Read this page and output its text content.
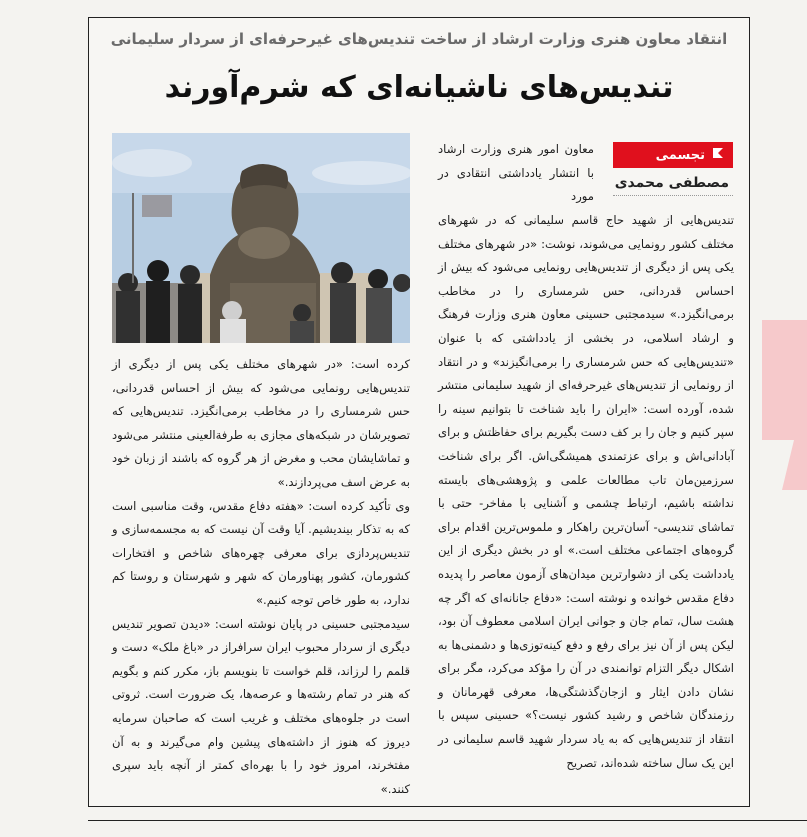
انتقاد معاون هنری وزارت ارشاد از ساخت تندیس‌های غیرحرفه‌ای از سردار سلیمانی
تندیس‌های ناشیانه‌ای که شرم‌آورند
تجسمی
مصطفی محمدی

معاون امور هنری وزارت ارشاد با انتشار یادداشتی انتقادی در مورد

تندیس‌هایی از شهید حاج قاسم سلیمانی که در شهرهای مختلف کشور رونمایی می‌شوند، نوشت: «در شهرهای مختلف یکی پس از دیگری از تندیس‌هایی رونمایی می‌شود که بیش از احساس قدردانی، حس شرمساری را در مخاطب برمی‌انگیزد.» سیدمجتبی حسینی معاون هنری وزارت فرهنگ و ارشاد اسلامی، در بخشی از یادداشتی که با عنوان «تندیس‌هایی که حس شرمساری را برمی‌انگیزند» و در انتقاد از رونمایی از تندیس‌های غیرحرفه‌ای از شهید سلیمانی منتشر شده، آورده است: «ایران را باید شناخت تا بتوانیم سینه را سپر کنیم و جان را بر کف دست بگیریم برای حفاظتش و برای آبادانی‌اش و برای عزتمندی همیشگی‌اش. اگر برای شناخت سرزمین‌مان تاب مطالعات علمی و پژوهشی‌های بایسته نداشته باشیم، ارتباط چشمی و آشنایی با مفاخر- حتی با تماشای تندیسی- آسان‌ترین راهکار و ملموس‌ترین اقدام برای گروه‌های اجتماعی مختلف است.» او در بخش دیگری از این یادداشت یکی از دشوارترین میدان‌های آزمون معاصر را پدیده دفاع مقدس خوانده و نوشته است: «دفاع جانانه‌ای که اگر چه هشت سال، تمام جان و جوانی ایران اسلامی معطوف آن بود، لیکن پس از آن نیز برای رفع و دفع کینه‌توزی‌ها و دشمنی‌ها به اشکال دیگر التزام توانمندی در آن را مؤکد می‌کرد، مگر برای نشان دادن ایثار و ازجان‌گذشتگی‌ها، معرفی قهرمانان و رزمندگان شاخص و رشید کشور نیست؟» حسینی سپس با انتقاد از تندیس‌هایی که به یاد سردار شهید قاسم سلیمانی در این یک سال ساخته شده‌اند، تصریح

کرده است: «در شهرهای مختلف یکی پس از دیگری از تندیس‌هایی رونمایی می‌شود که بیش از احساس قدردانی، حس شرمساری را در مخاطب برمی‌انگیزد. تندیس‌هایی که تصویرشان در شبکه‌های مجازی به طرفةالعینی منتشر می‌شود و تماشایشان محب و مغرض از هر گروه که باشند از زبان خود به عرض اسف می‌پردازند.»

وی تأکید کرده است: «هفته دفاع مقدس، وقت مناسبی است که به تذکار بیندیشیم. آیا وقت آن نیست که به مجسمه‌سازی و تندیس‌پردازی برای معرفی چهره‌های شاخص و افتخارات کشورمان، کشور پهناورمان که شهر و شهرستان و روستا کم ندارد، به طور خاص توجه کنیم.»

سیدمجتبی حسینی در پایان نوشته است: «دیدن تصویر تندیس دیگری از سردار محبوب ایران سرافراز در «باغ ملک» دست و قلمم را لرزاند، قلم خواست تا بنویسم باز، مکرر کنم و بگویم که هنر در تمام رشته‌ها و عرصه‌ها، یک ضرورت است. ثروتی است در جلوه‌های مختلف و غریب است که صاحبان سرمایه دیروز که هنوز از داشته‌های پیشین وام می‌گیرند و به آن مفتخرند، امروز خود را با بهره‌ای کمتر از آنچه باید سپری کنند.»
